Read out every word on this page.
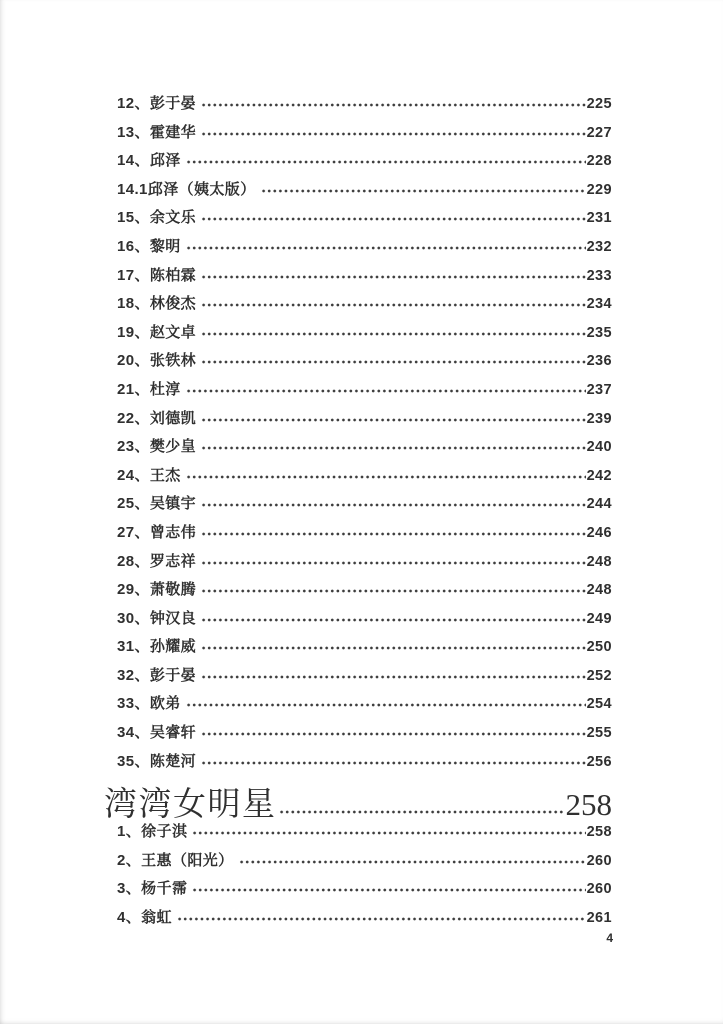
12、彭于晏	225
13、霍建华	227
14、邱泽	228
14.1邱泽（姨太版）	229
15、余文乐	231
16、黎明	232
17、陈柏霖	233
18、林俊杰	234
19、赵文卓	235
20、张铁林	236
21、杜淳	237
22、刘德凯	239
23、樊少皇	240
24、王杰	242
25、吴镇宇	244
27、曾志伟	246
28、罗志祥	248
29、萧敬腾	248
30、钟汉良	249
31、孙耀威	250
32、彭于晏	252
33、欧弟	254
34、吴睿轩	255
35、陈楚河	256
湾湾女明星	258
1、徐子淇	258
2、王惠（阳光）	260
3、杨千霈	260
4、翁虹	261
4
